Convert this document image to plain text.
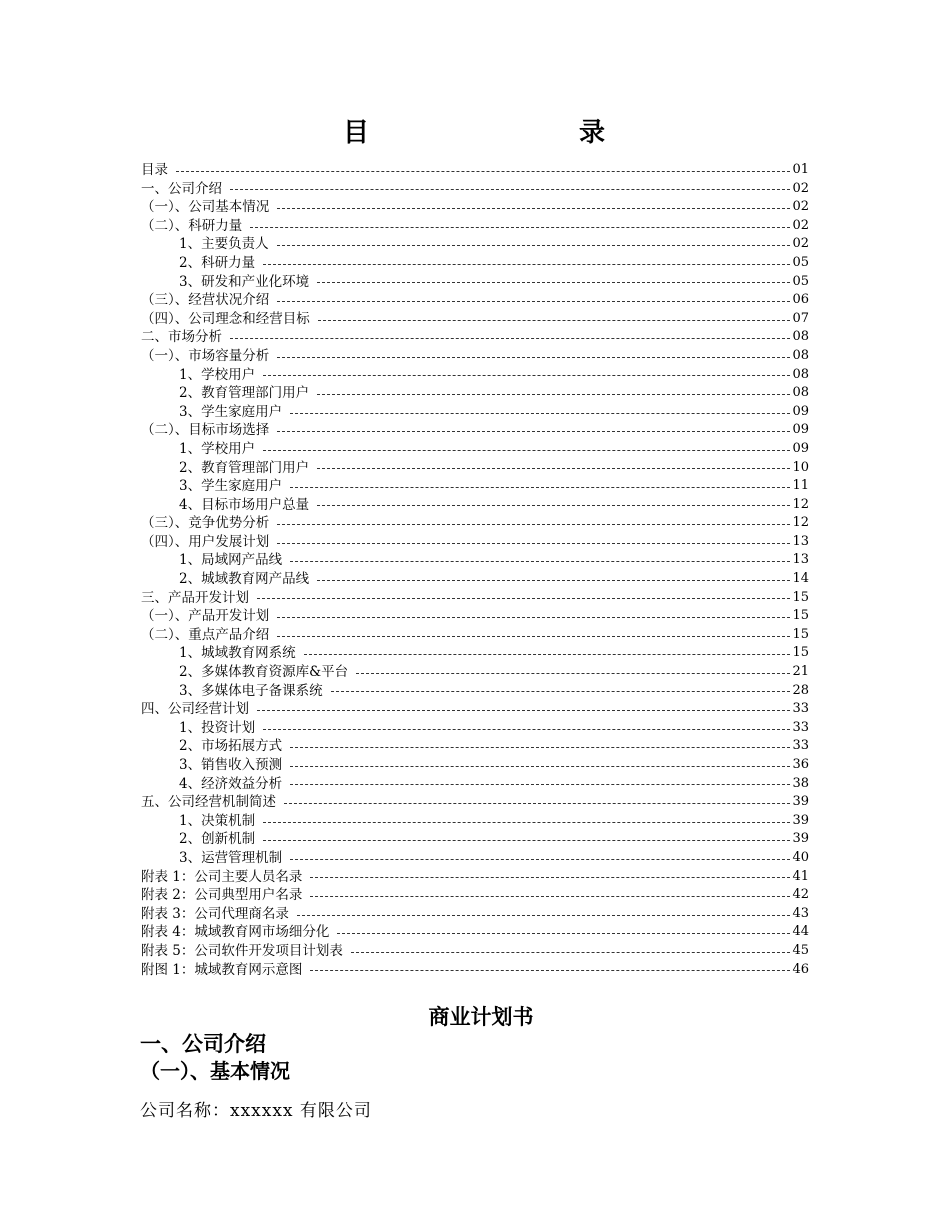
目	录
目录	01
一、公司介绍	02
（一）、公司基本情况	02
（二）、科研力量	02
1、主要负责人	02
2、科研力量	05
3、研发和产业化环境	05
（三）、经营状况介绍	06
（四）、公司理念和经营目标	07
二、市场分析	08
（一）、市场容量分析	08
1、学校用户	08
2、教育管理部门用户	08
3、学生家庭用户	09
（二）、目标市场选择	09
1、学校用户	09
2、教育管理部门用户	10
3、学生家庭用户	11
4、目标市场用户总量	12
（三）、竞争优势分析	12
（四）、用户发展计划	13
1、局域网产品线	13
2、城域教育网产品线	14
三、产品开发计划	15
（一）、产品开发计划	15
（二）、重点产品介绍	15
1、城域教育网系统	15
2、多媒体教育资源库&平台	21
3、多媒体电子备课系统	28
四、公司经营计划	33
1、投资计划	33
2、市场拓展方式	33
3、销售收入预测	36
4、经济效益分析	38
五、公司经营机制简述	39
1、决策机制	39
2、创新机制	39
3、运营管理机制	40
附表 1：公司主要人员名录	41
附表 2：公司典型用户名录	42
附表 3：公司代理商名录	43
附表 4：城域教育网市场细分化	44
附表 5：公司软件开发项目计划表	45
附图 1：城域教育网示意图	46
商业计划书
一、公司介绍
（一）、基本情况
公司名称：xxxxxx 有限公司
